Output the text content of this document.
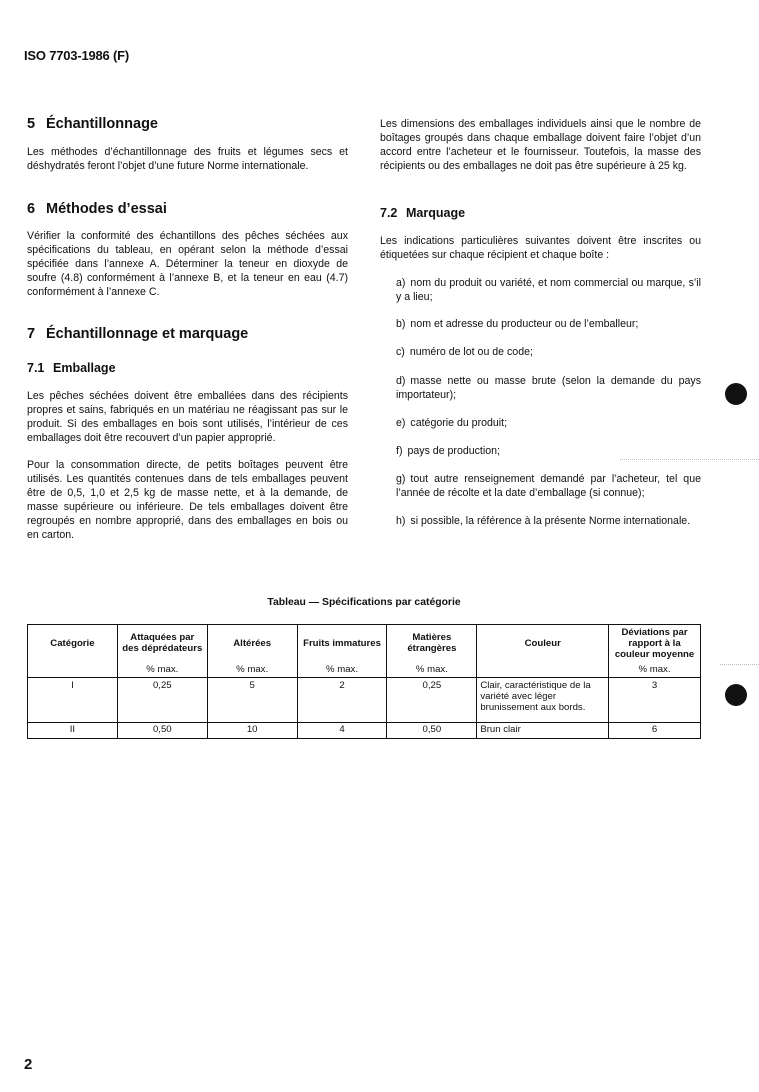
ISO 7703-1986 (F)
5 Échantillonnage

Les méthodes d’échantillonnage des fruits et légumes secs et déshydratés feront l’objet d’une future Norme internationale.

6 Méthodes d’essai

Vérifier la conformité des échantillons des pêches séchées aux spécifications du tableau, en opérant selon la méthode d’essai spécifiée dans l’annexe A. Déterminer la teneur en dioxyde de soufre (4.8) conformément à l’annexe B, et la teneur en eau (4.7) conformément à l’annexe C.

7 Échantillonnage et marquage
7.1 Emballage

Les pêches séchées doivent être emballées dans des récipients propres et sains, fabriqués en un matériau ne réagissant pas sur le produit. Si des emballages en bois sont utilisés, l’intérieur de ces emballages doit être recouvert d’un papier approprié.

Pour la consommation directe, de petits boîtages peuvent être utilisés. Les quantités contenues dans de tels emballages peuvent être de 0,5, 1,0 et 2,5 kg de masse nette, et à la demande, de masse supérieure ou inférieure. De tels emballages doivent être regroupés en nombre approprié, dans des emballages en bois ou en carton.

Les dimensions des emballages individuels ainsi que le nombre de boîtages groupés dans chaque emballage doivent faire l’objet d’un accord entre l’acheteur et le fournisseur. Toutefois, la masse des récipients ou des emballages ne doit pas être supérieure à 25 kg.

7.2 Marquage

Les indications particulières suivantes doivent être inscrites ou étiquetées sur chaque récipient et chaque boîte :

a) nom du produit ou variété, et nom commercial ou marque, s’il y a lieu;

b) nom et adresse du producteur ou de l’emballeur;

c) numéro de lot ou de code;

d) masse nette ou masse brute (selon la demande du pays importateur);

e) catégorie du produit;

f) pays de production;

g) tout autre renseignement demandé par l’acheteur, tel que l’année de récolte et la date d’emballage (si connue);

h) si possible, la référence à la présente Norme internationale.

Tableau — Spécifications par catégorie
Catégorie	Attaquées par des déprédateurs	Altérées	Fruits immatures	Matières étrangères	Couleur	Déviations par rapport à la couleur moyenne
	% max.	% max.	% max.	% max.		% max.
I	0,25	5	2	0,25	Clair, caractéristique de la variété avec léger brunissement aux bords.	3
II	0,50	10	4	0,50	Brun clair	6
2
